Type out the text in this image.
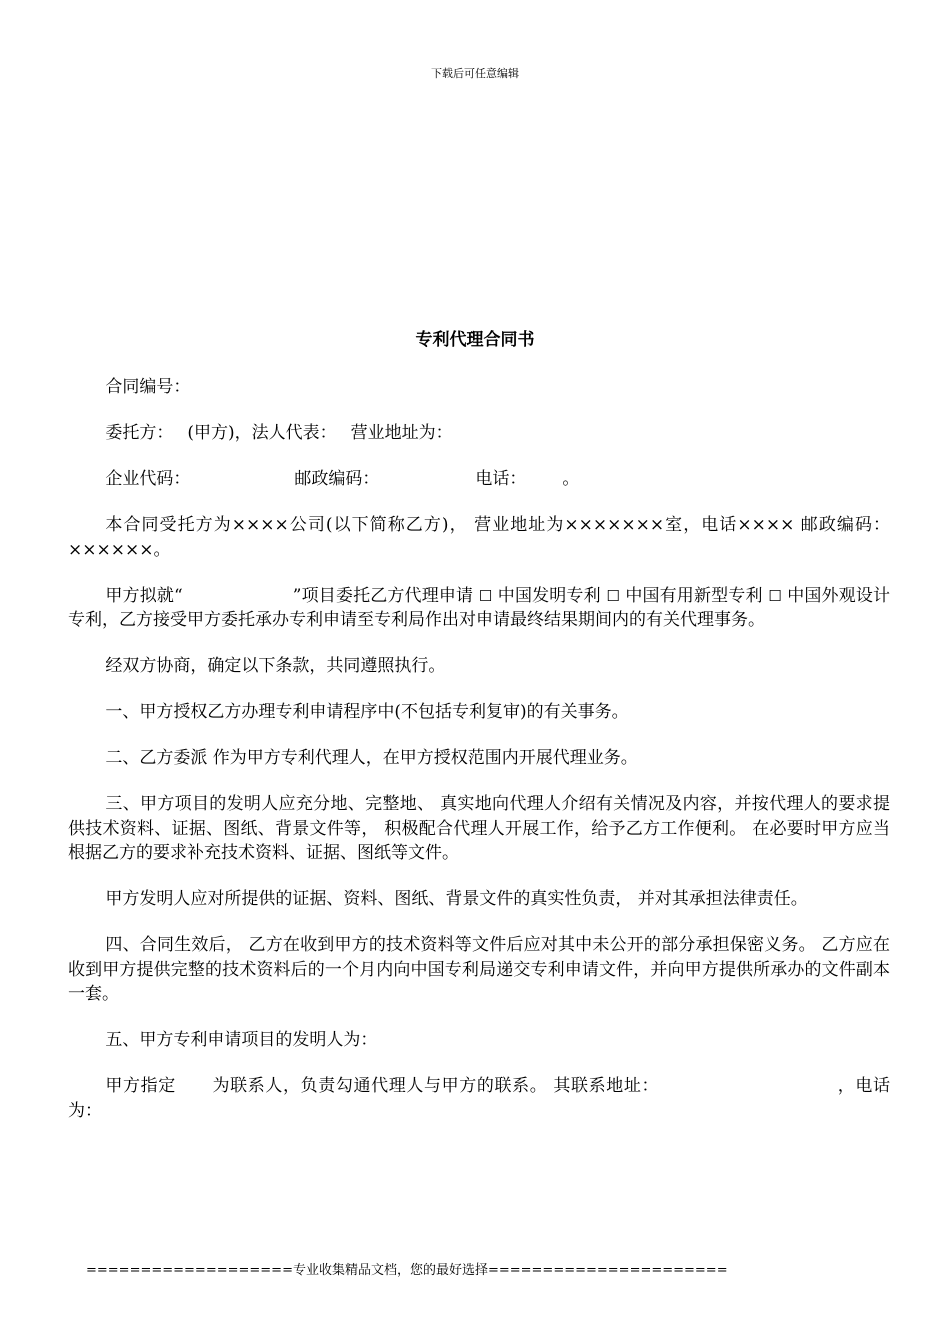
下载后可任意编辑
专利代理合同书

合同编号：

委托方： (甲方)，法人代表： 营业地址为：

企业代码：	邮政编码：	电话： 。

本合同受托方为××××公司(以下简称乙方)， 营业地址为×××××××室，电话×××× 邮政编码：××××××。

甲方拟就“	”项目委托乙方代理申请 ☐ 中国发明专利 ☐ 中国有用新型专利 ☐ 中国外观设计专利，乙方接受甲方委托承办专利申请至专利局作出对申请最终结果期间内的有关代理事务。

经双方协商，确定以下条款，共同遵照执行。

一、甲方授权乙方办理专利申请程序中(不包括专利复审)的有关事务。

二、乙方委派 作为甲方专利代理人，在甲方授权范围内开展代理业务。

三、甲方项目的发明人应充分地、完整地、 真实地向代理人介绍有关情况及内容，并按代理人的要求提供技术资料、证据、图纸、背景文件等， 积极配合代理人开展工作，给予乙方工作便利。 在必要时甲方应当根据乙方的要求补充技术资料、证据、图纸等文件。

甲方发明人应对所提供的证据、资料、图纸、背景文件的真实性负责， 并对其承担法律责任。

四、合同生效后， 乙方在收到甲方的技术资料等文件后应对其中未公开的部分承担保密义务。 乙方应在收到甲方提供完整的技术资料后的一个月内向中国专利局递交专利申请文件，并向甲方提供所承办的文件副本一套。

五、甲方专利申请项目的发明人为：

甲方指定 为联系人，负责勾通代理人与甲方的联系。 其联系地址：	，电话为：

===================专业收集精品文档，您的最好选择======================
